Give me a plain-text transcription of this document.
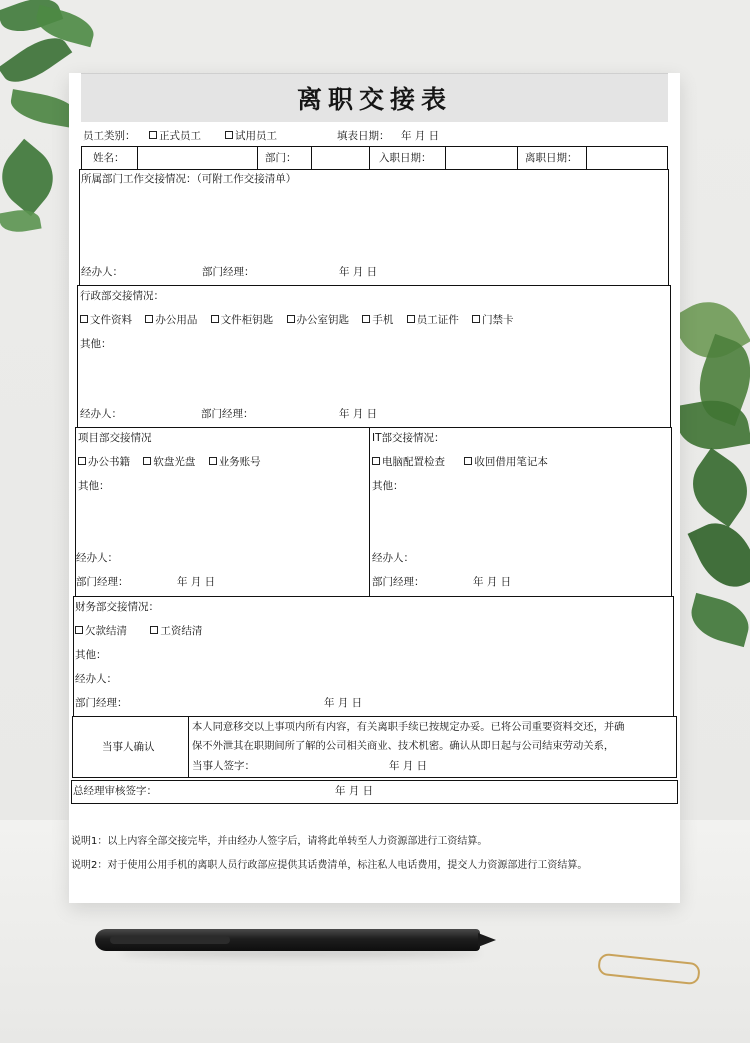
离职交接表
员工类别：	正式员工	试用员工	填表日期： 年 月 日
姓名：	部门：	入职日期：	离职日期：
所属部门工作交接情况：（可附工作交接清单）
经办人：	部门经理：	年 月 日
行政部交接情况：
文件资料 办公用品 文件柜钥匙 办公室钥匙 手机 员工证件 门禁卡
其他：
经办人：	部门经理：	年 月 日
项目部交接情况
办公书籍 软盘光盘 业务账号
其他：
经办人：
部门经理：	年 月 日
IT部交接情况：
电脑配置检查	收回借用笔记本
其他：
经办人：
部门经理：	年 月 日
财务部交接情况：
欠款结清	工资结清
其他：
经办人：
部门经理：	年 月 日
当事人确认
本人同意移交以上事项内所有内容，有关离职手续已按规定办妥。已将公司重要资料交还，并确
保不外泄其在职期间所了解的公司相关商业、技术机密。确认从即日起与公司结束劳动关系，
当事人签字：	年 月 日
总经理审核签字：	年 月 日
说明1：以上内容全部交接完毕，并由经办人签字后，请将此单转至人力资源部进行工资结算。
说明2：对于使用公用手机的离职人员行政部应提供其话费清单，标注私人电话费用，提交人力资源部进行工资结算。
